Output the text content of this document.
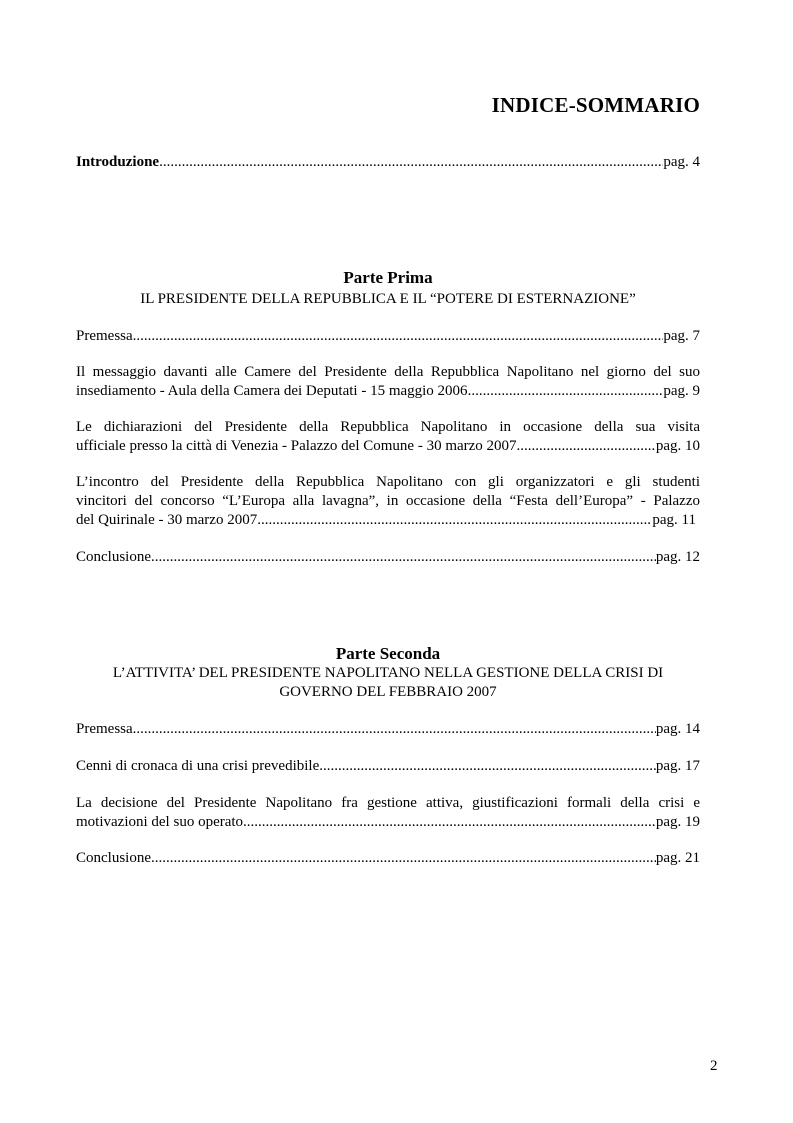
INDICE-SOMMARIO
Introduzione .....	pag. 4
Parte Prima
IL PRESIDENTE DELLA REPUBBLICA E IL “POTERE DI ESTERNAZIONE”
Premessa .....	pag. 7
Il messaggio davanti alle Camere del Presidente della Repubblica Napolitano nel giorno del suo
insediamento - Aula della Camera dei Deputati - 15 maggio 2006 .....	pag. 9
Le dichiarazioni del Presidente della Repubblica Napolitano in occasione della sua visita
ufficiale presso la città di Venezia - Palazzo del Comune - 30 marzo 2007 .....	pag. 10
L’incontro del Presidente della Repubblica Napolitano con gli organizzatori e gli studenti
vincitori del concorso “L’Europa alla lavagna”, in occasione della “Festa dell’Europa” - Palazzo
del Quirinale - 30 marzo 2007 .....	pag. 11
Conclusione .....	pag. 12
Parte Seconda
L’ATTIVITA’ DEL PRESIDENTE NAPOLITANO NELLA GESTIONE DELLA CRISI DI
GOVERNO DEL FEBBRAIO 2007
Premessa .....	pag. 14
Cenni di cronaca di una crisi prevedibile .....	pag. 17
La decisione del Presidente Napolitano fra gestione attiva, giustificazioni formali della crisi e
motivazioni del suo operato .....	pag. 19
Conclusione .....	pag. 21
2
